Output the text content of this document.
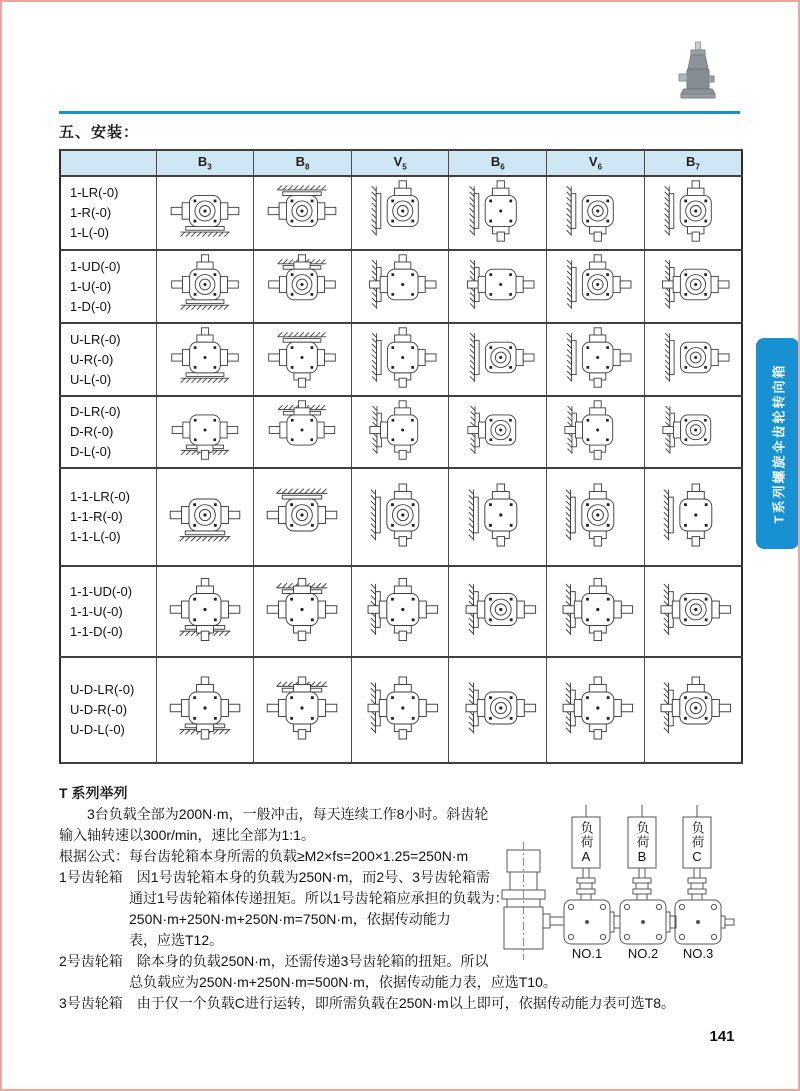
五、安装：
	$B_3$	$B_8$	$V_5$	$B_6$	$V_6$	$B_7$

1-LR(-0)
1-R(-0)
1-L(-0)

1-UD(-0)
1-U(-0)
1-D(-0)

U-LR(-0)
U-R(-0)
U-L(-0)

D-LR(-0)
D-R(-0)
D-L(-0)

1-1-LR(-0)
1-1-R(-0)
1-1-L(-0)

1-1-UD(-0)
1-1-U(-0)
1-1-D(-0)

U-D-LR(-0)
U-D-R(-0)
U-D-L(-0)

T系列螺旋伞齿轮转向箱
T 系列举列
　　3台负载全部为200N·m，一般冲击，每天连续工作8小时。斜齿轮
输入轴转速以300r/min，速比全部为1:1。
根据公式：每台齿轮箱本身所需的负载≥M2×fs=200×1.25=250N·m
1号齿轮箱　因1号齿轮箱本身的负载为250N·m，而2号、3号齿轮箱需
　　　　　通过1号齿轮箱体传递扭矩。所以1号齿轮箱应承担的负载为：
　　　　　250N·m+250N·m+250N·m=750N·m，依据传动能力
　　　　　表，应选T12。
2号齿轮箱　除本身的负载250N·m，还需传递3号齿轮箱的扭矩。所以
　　　　　总负载应为250N·m+250N·m=500N·m，依据传动能力表，应选T10。
3号齿轮箱　由于仅一个负载C进行运转，即所需负载在250N·m以上即可，依据传动能力表可选T8。
负荷A	负荷B	负荷C
NO.1	NO.2	NO.3
141
